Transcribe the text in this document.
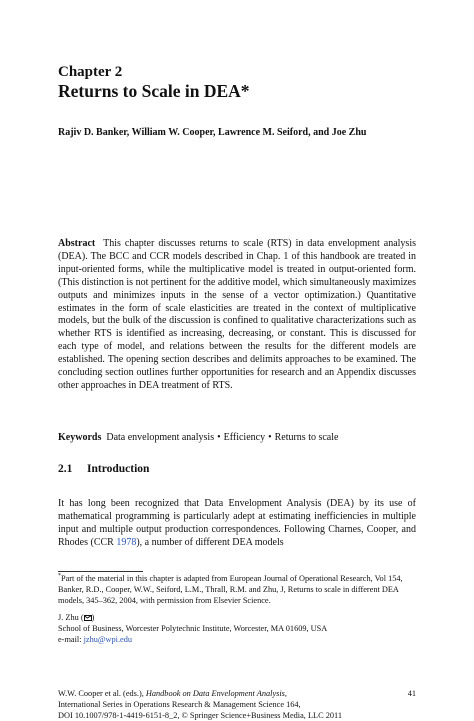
Chapter 2
Returns to Scale in DEA*
Rajiv D. Banker, William W. Cooper, Lawrence M. Seiford, and Joe Zhu
Abstract This chapter discusses returns to scale (RTS) in data envelopment analysis (DEA). The BCC and CCR models described in Chap. 1 of this handbook are treated in input-oriented forms, while the multiplicative model is treated in output-oriented form. (This distinction is not pertinent for the additive model, which simultaneously maximizes outputs and minimizes inputs in the sense of a vector optimization.) Quantitative estimates in the form of scale elasticities are treated in the context of multiplicative models, but the bulk of the discussion is confined to qualitative characterizations such as whether RTS is identified as increasing, decreasing, or constant. This is discussed for each type of model, and relations between the results for the different models are established. The opening section describes and delimits approaches to be examined. The concluding section outlines further opportunities for research and an Appendix discusses other approaches in DEA treatment of RTS.
Keywords Data envelopment analysis • Efficiency • Returns to scale
2.1 Introduction
It has long been recognized that Data Envelopment Analysis (DEA) by its use of mathematical programming is particularly adept at estimating inefficiencies in multiple input and multiple output production correspondences. Following Charnes, Cooper, and Rhodes (CCR 1978), a number of different DEA models
*Part of the material in this chapter is adapted from European Journal of Operational Research, Vol 154, Banker, R.D., Cooper, W.W., Seiford, L.M., Thrall, R.M. and Zhu, J, Returns to scale in different DEA models, 345–362, 2004, with permission from Elsevier Science.
J. Zhu ( )
School of Business, Worcester Polytechnic Institute, Worcester, MA 01609, USA
e-mail: jzhu@wpi.edu
W.W. Cooper et al. (eds.), Handbook on Data Envelopment Analysis,	41
International Series in Operations Research & Management Science 164,
DOI 10.1007/978-1-4419-6151-8_2, © Springer Science+Business Media, LLC 2011
